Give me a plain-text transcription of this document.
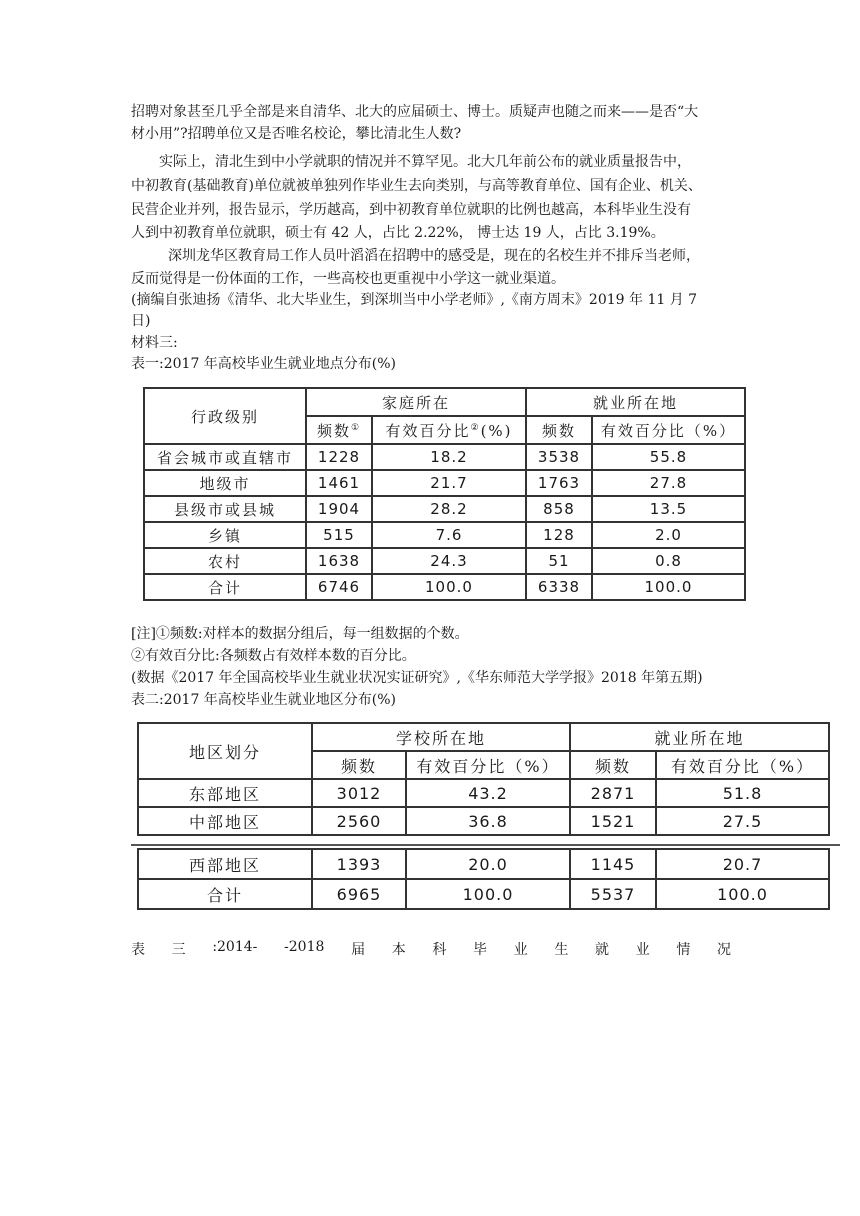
招聘对象甚至几乎全部是来自清华、北大的应届硕士、博士。质疑声也随之而来——是否“大
材小用”?招聘单位又是否唯名校论，攀比清北生人数?
实际上，清北生到中小学就职的情况并不算罕见。北大几年前公布的就业质量报告中，
中初教育(基础教育)单位就被单独列作毕业生去向类别，与高等教育单位、国有企业、机关、
民营企业并列，报告显示，学历越高，到中初教育单位就职的比例也越高，本科毕业生没有
人到中初教育单位就职，硕士有 42 人，占比 2.22%， 博士达 19 人，占比 3.19%。
深圳龙华区教育局工作人员叶滔滔在招聘中的感受是，现在的名校生并不排斥当老师，
反而觉得是一份体面的工作，一些高校也更重视中小学这一就业渠道。
(摘编自张迪扬《清华、北大毕业生，到深圳当中小学老师》,《南方周末》2019 年 11 月 7
日)
材料三:
表一:2017 年高校毕业生就业地点分布(%)
行政级别	家庭所在		就业所在地	
	频数①	有效百分比②(%)	频数	有效百分比（%）
省会城市或直辖市	1228	18.2	3538	55.8
地级市	1461	21.7	1763	27.8
县级市或县城	1904	28.2	858	13.5
乡镇	515	7.6	128	2.0
农村	1638	24.3	51	0.8
合计	6746	100.0	6338	100.0
[注]①频数:对样本的数据分组后，每一组数据的个数。
②有效百分比:各频数占有效样本数的百分比。
(数据《2017 年全国高校毕业生就业状况实证研究》,《华东师范大学学报》2018 年第五期)
表二:2017 年高校毕业生就业地区分布(%)
地区划分	学校所在地		就业所在地	
	频数	有效百分比（%）	频数	有效百分比（%）
东部地区	3012	43.2	2871	51.8
中部地区	2560	36.8	1521	27.5
西部地区	1393	20.0	1145	20.7
合计	6965	100.0	5537	100.0
表 三 :2014- -2018 届 本 科 毕 业 生 就 业 情 况
